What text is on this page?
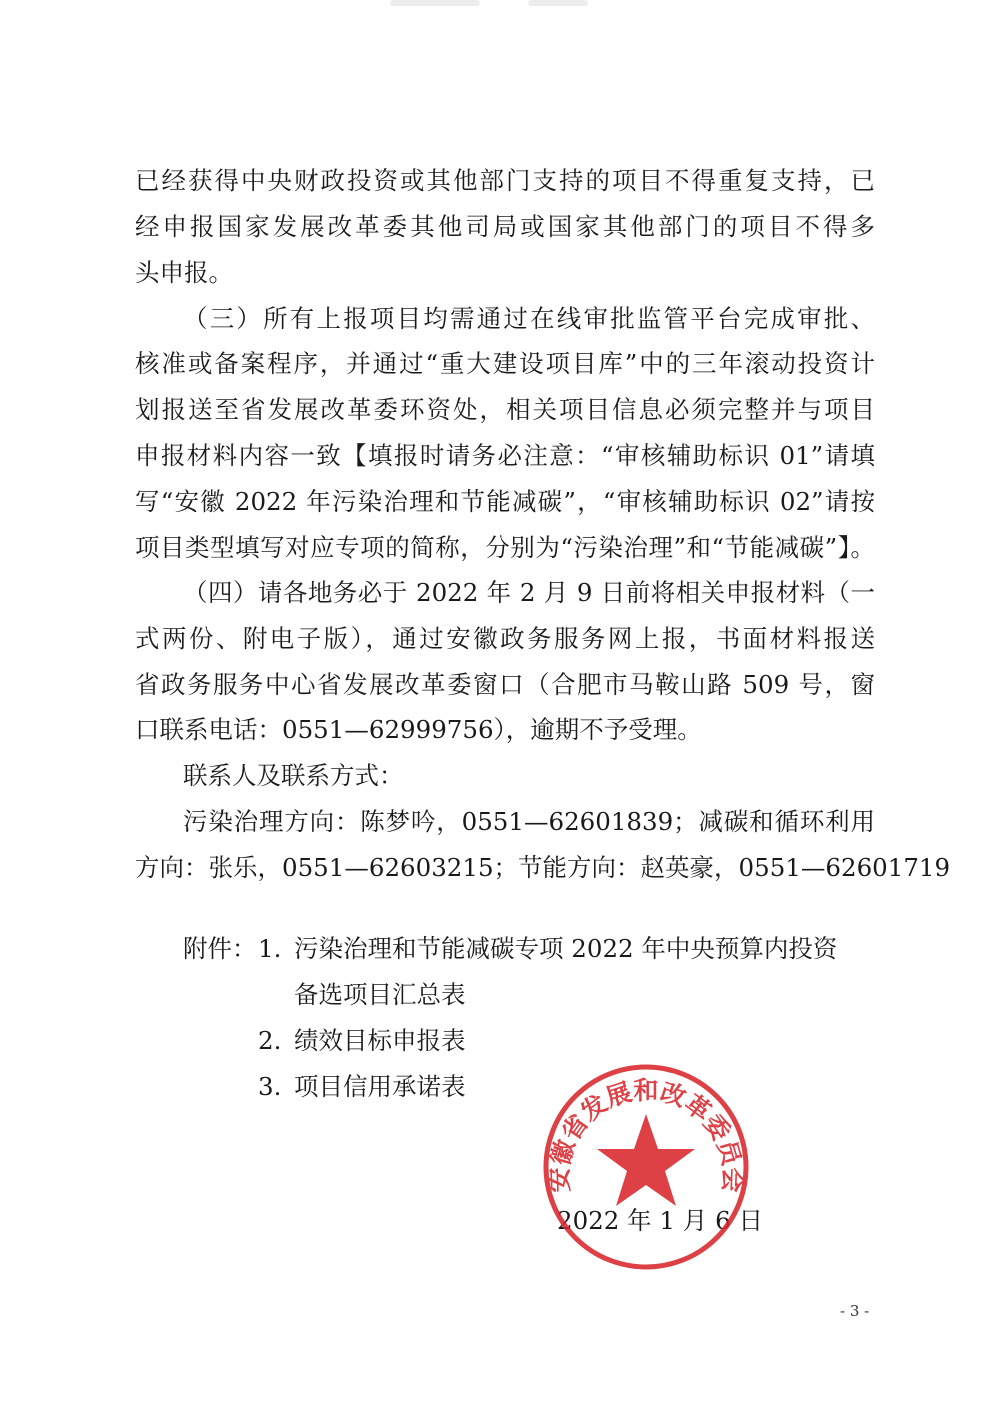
已经获得中央财政投资或其他部门支持的项目不得重复支持，已
经申报国家发展改革委其他司局或国家其他部门的项目不得多
头申报。
（三）所有上报项目均需通过在线审批监管平台完成审批、
核准或备案程序，并通过“重大建设项目库”中的三年滚动投资计
划报送至省发展改革委环资处，相关项目信息必须完整并与项目
申报材料内容一致【填报时请务必注意：“审核辅助标识 01”请填
写“安徽 2022 年污染治理和节能减碳”，“审核辅助标识 02”请按
项目类型填写对应专项的简称，分别为“污染治理”和“节能减碳”】。
（四）请各地务必于 2022 年 2 月 9 日前将相关申报材料（一
式两份、附电子版），通过安徽政务服务网上报，书面材料报送
省政务服务中心省发展改革委窗口（合肥市马鞍山路 509 号，窗
口联系电话：0551—62999756），逾期不予受理。
联系人及联系方式：
污染治理方向：陈梦吟，0551—62601839；减碳和循环利用
方向：张乐，0551—62603215；节能方向：赵英豪，0551—62601719
附件： 1. 污染治理和节能减碳专项 2022 年中央预算内投资
备选项目汇总表
2. 绩效目标申报表
3. 项目信用承诺表
2022 年 1 月 6 日
安徽省发展和改革委员会
- 3 -
